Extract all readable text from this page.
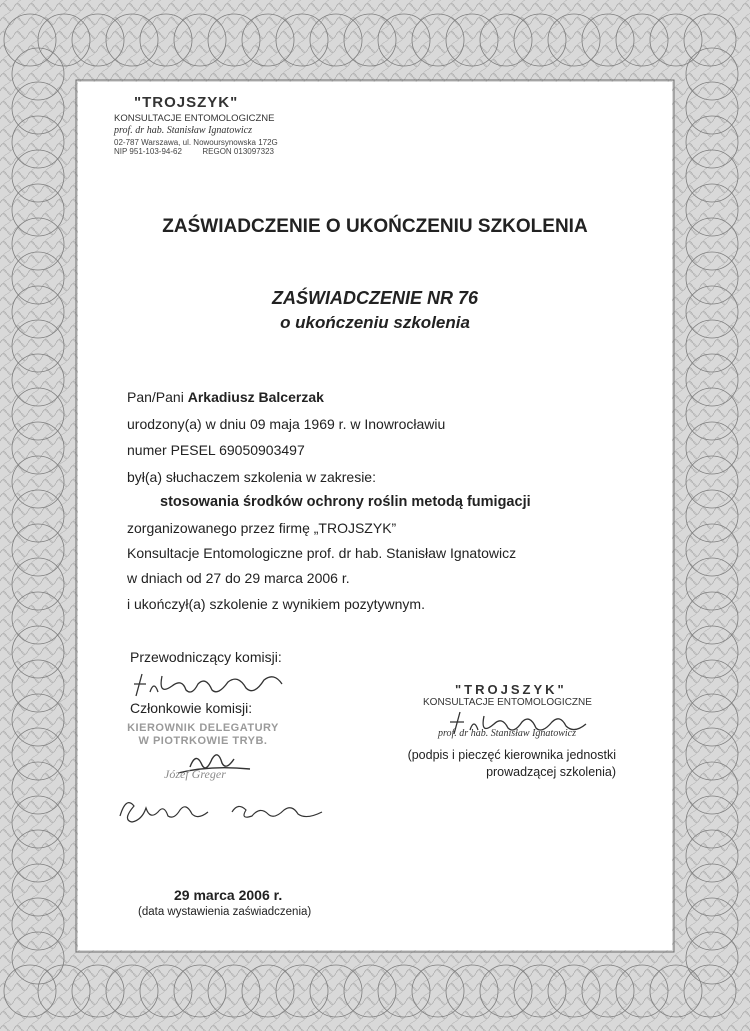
"TROJSZYK"
KONSULTACJE ENTOMOLOGICZNE
prof. dr hab. Stanisław Ignatowicz
02-787 Warszawa, ul. Nowoursynowska 172G
NIP 951-103-94-62	REGON 013097323
ZAŚWIADCZENIE O UKOŃCZENIU SZKOLENIA
ZAŚWIADCZENIE NR 76
o ukończeniu szkolenia
Pan/Pani Arkadiusz Balcerzak
urodzony(a) w dniu 09 maja 1969 r. w Inowrocławiu
numer PESEL 69050903497
był(a) słuchaczem szkolenia w zakresie:
stosowania środków ochrony roślin metodą fumigacji
zorganizowanego przez firmę „TROJSZYK”
Konsultacje Entomologiczne prof. dr hab. Stanisław Ignatowicz
w dniach od 27 do 29 marca 2006 r.
i ukończył(a) szkolenie z wynikiem pozytywnym.
Przewodniczący komisji:
Członkowie komisji:
KIEROWNIK DELEGATURY
W PIOTRKOWIE TRYB.
Józef Greger
"TROJSZYK"
KONSULTACJE ENTOMOLOGICZNE
prof. dr hab. Stanisław Ignatowicz
(podpis i pieczęć kierownika jednostki
prowadzącej szkolenia)
29 marca 2006 r.
(data wystawienia zaświadczenia)
